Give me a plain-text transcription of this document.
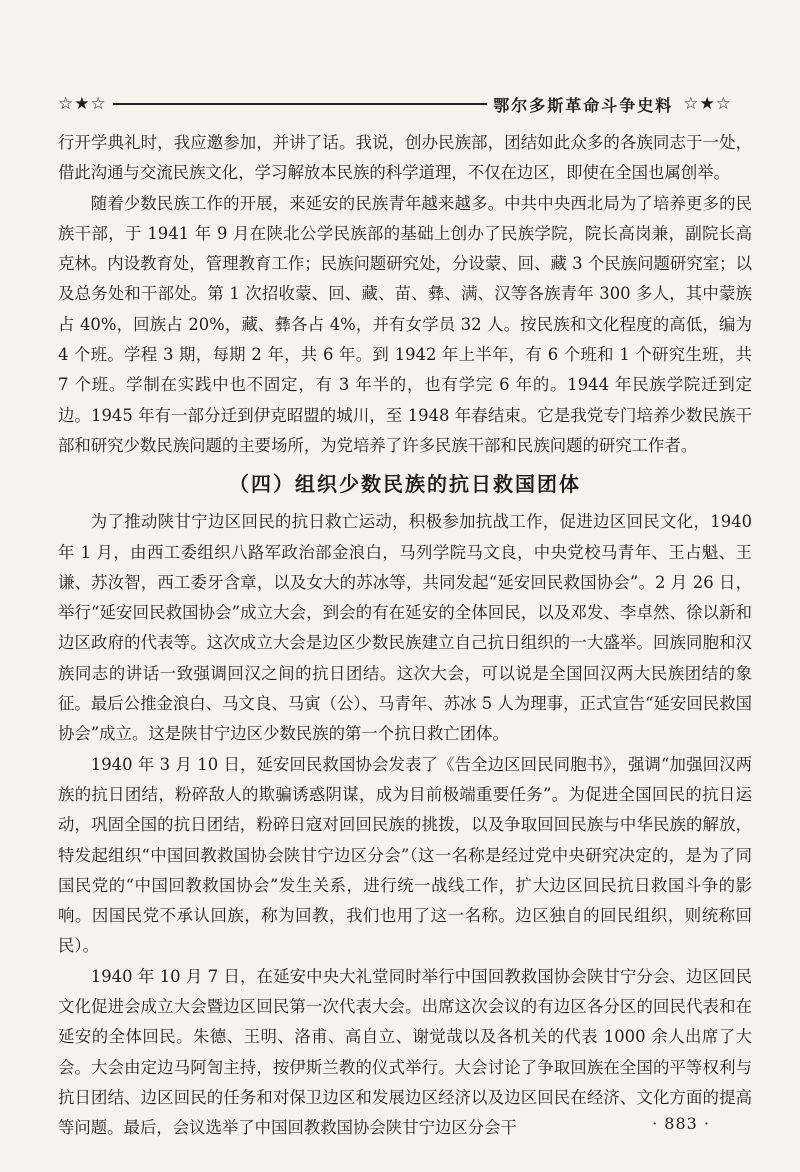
☆★☆	鄂尔多斯革命斗争史料 ☆★☆

行开学典礼时，我应邀参加，并讲了话。我说，创办民族部，团结如此众多的各族同志于一处，借此沟通与交流民族文化，学习解放本民族的科学道理，不仅在边区，即使在全国也属创举。

随着少数民族工作的开展，来延安的民族青年越来越多。中共中央西北局为了培养更多的民族干部，于 1941 年 9 月在陕北公学民族部的基础上创办了民族学院，院长高岗兼，副院长高克林。内设教育处，管理教育工作；民族问题研究处，分设蒙、回、藏 3 个民族问题研究室；以及总务处和干部处。第 1 次招收蒙、回、藏、苗、彝、满、汉等各族青年 300 多人，其中蒙族占 40%，回族占 20%，藏、彝各占 4%，并有女学员 32 人。按民族和文化程度的高低，编为 4 个班。学程 3 期，每期 2 年，共 6 年。到 1942 年上半年，有 6 个班和 1 个研究生班，共 7 个班。学制在实践中也不固定，有 3 年半的，也有学完 6 年的。1944 年民族学院迁到定边。1945 年有一部分迁到伊克昭盟的城川，至 1948 年春结束。它是我党专门培养少数民族干部和研究少数民族问题的主要场所，为党培养了许多民族干部和民族问题的研究工作者。

（四）组织少数民族的抗日救国团体

为了推动陕甘宁边区回民的抗日救亡运动，积极参加抗战工作，促进边区回民文化，1940 年 1 月，由西工委组织八路军政治部金浪白，马列学院马文良，中央党校马青年、王占魁、王谦、苏汝智，西工委牙含章，以及女大的苏冰等，共同发起“延安回民救国协会”。2 月 26 日，举行“延安回民救国协会”成立大会，到会的有在延安的全体回民，以及邓发、李卓然、徐以新和边区政府的代表等。这次成立大会是边区少数民族建立自己抗日组织的一大盛举。回族同胞和汉族同志的讲话一致强调回汉之间的抗日团结。这次大会，可以说是全国回汉两大民族团结的象征。最后公推金浪白、马文良、马寅（公）、马青年、苏冰 5 人为理事，正式宣告“延安回民救国协会”成立。这是陕甘宁边区少数民族的第一个抗日救亡团体。

1940 年 3 月 10 日，延安回民救国协会发表了《告全边区回民同胞书》，强调“加强回汉两族的抗日团结，粉碎敌人的欺骗诱惑阴谋，成为目前极端重要任务”。为促进全国回民的抗日运动，巩固全国的抗日团结，粉碎日寇对回回民族的挑拨，以及争取回回民族与中华民族的解放，特发起组织“中国回教救国协会陕甘宁边区分会”（这一名称是经过党中央研究决定的，是为了同国民党的“中国回教救国协会”发生关系，进行统一战线工作，扩大边区回民抗日救国斗争的影响。因国民党不承认回族，称为回教，我们也用了这一名称。边区独自的回民组织，则统称回民）。

1940 年 10 月 7 日，在延安中央大礼堂同时举行中国回教救国协会陕甘宁分会、边区回民文化促进会成立大会暨边区回民第一次代表大会。出席这次会议的有边区各分区的回民代表和在延安的全体回民。朱德、王明、洛甫、高自立、谢觉哉以及各机关的代表 1000 余人出席了大会。大会由定边马阿訇主持，按伊斯兰教的仪式举行。大会讨论了争取回族在全国的平等权利与抗日团结、边区回民的任务和对保卫边区和发展边区经济以及边区回民在经济、文化方面的提高等问题。最后，会议选举了中国回教救国协会陕甘宁边区分会干	· 883 ·
